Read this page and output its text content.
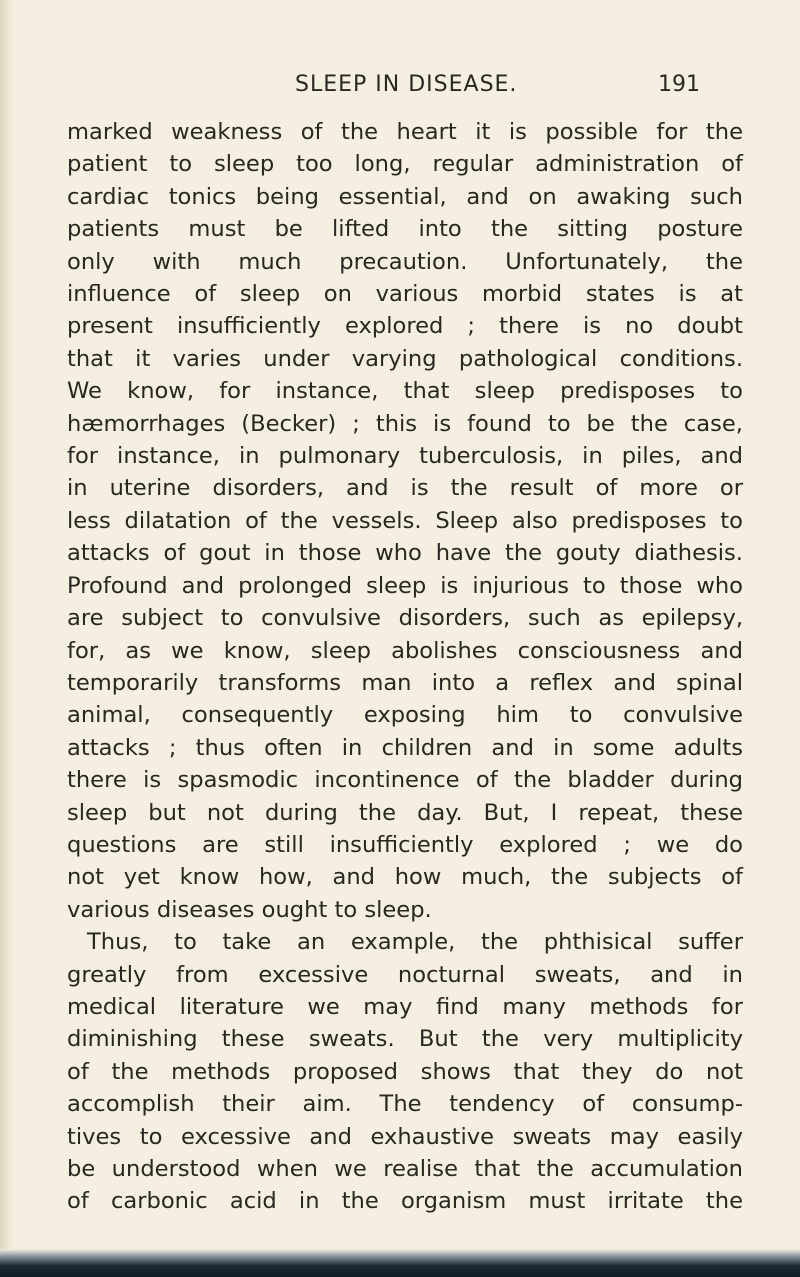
SLEEP IN DISEASE.	191
marked weakness of the heart it is possible for the
patient to sleep too long, regular administration of
cardiac tonics being essential, and on awaking such
patients must be lifted into the sitting posture
only with much precaution. Unfortunately, the
influence of sleep on various morbid states is at
present insufficiently explored ; there is no doubt
that it varies under varying pathological conditions.
We know, for instance, that sleep predisposes to
hæmorrhages (Becker) ; this is found to be the case,
for instance, in pulmonary tuberculosis, in piles, and
in uterine disorders, and is the result of more or
less dilatation of the vessels. Sleep also predisposes to
attacks of gout in those who have the gouty diathesis.
Profound and prolonged sleep is injurious to those who
are subject to convulsive disorders, such as epilepsy,
for, as we know, sleep abolishes consciousness and
temporarily transforms man into a reflex and spinal
animal, consequently exposing him to convulsive
attacks ; thus often in children and in some adults
there is spasmodic incontinence of the bladder during
sleep but not during the day. But, I repeat, these
questions are still insufficiently explored ; we do
not yet know how, and how much, the subjects of
various diseases ought to sleep.
Thus, to take an example, the phthisical suffer
greatly from excessive nocturnal sweats, and in
medical literature we may find many methods for
diminishing these sweats. But the very multiplicity
of the methods proposed shows that they do not
accomplish their aim. The tendency of consump-
tives to excessive and exhaustive sweats may easily
be understood when we realise that the accumulation
of carbonic acid in the organism must irritate the
